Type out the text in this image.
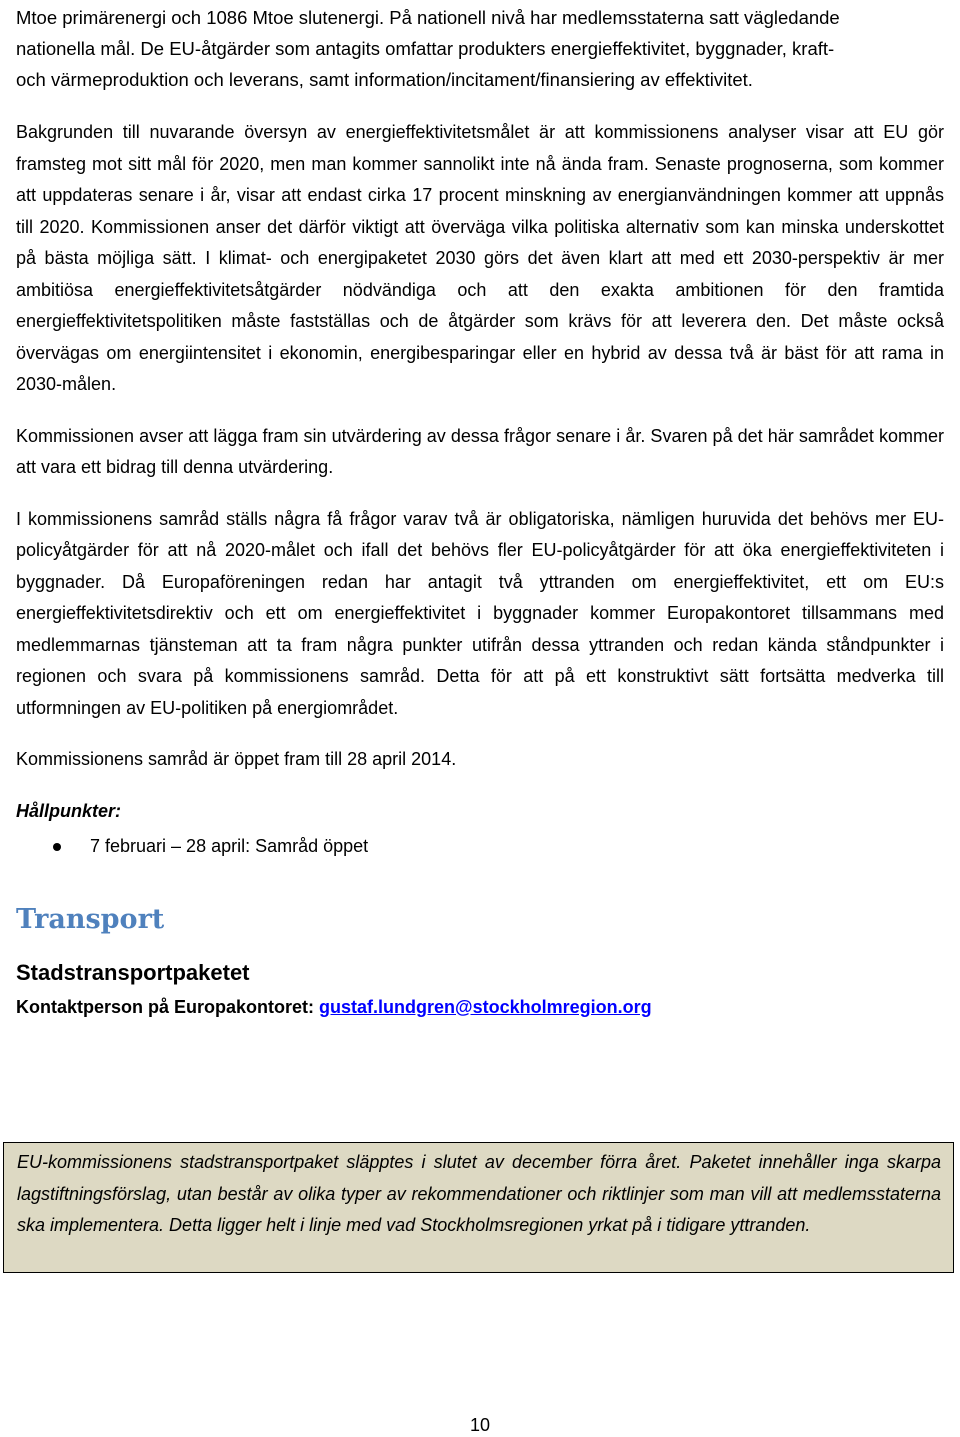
Mtoe primärenergi och 1086 Mtoe slutenergi. På nationell nivå har medlemsstaterna satt vägledande
nationella mål. De EU-åtgärder som antagits omfattar produkters energieffektivitet, byggnader, kraft-
och värmeproduktion och leverans, samt information/incitament/finansiering av effektivitet.

Bakgrunden till nuvarande översyn av energieffektivitetsmålet är att kommissionens analyser visar att EU gör framsteg mot sitt mål för 2020, men man kommer sannolikt inte nå ända fram. Senaste prognoserna, som kommer att uppdateras senare i år, visar att endast cirka 17 procent minskning av energianvändningen kommer att uppnås till 2020. Kommissionen anser det därför viktigt att överväga vilka politiska alternativ som kan minska underskottet på bästa möjliga sätt. I klimat- och energipaketet 2030 görs det även klart att med ett 2030-perspektiv är mer ambitiösa energieffektivitetsåtgärder nödvändiga och att den exakta ambitionen för den framtida energieffektivitetspolitiken måste fastställas och de åtgärder som krävs för att leverera den. Det måste också övervägas om energiintensitet i ekonomin, energibesparingar eller en hybrid av dessa två är bäst för att rama in 2030-målen.

Kommissionen avser att lägga fram sin utvärdering av dessa frågor senare i år. Svaren på det här samrådet kommer att vara ett bidrag till denna utvärdering.

I kommissionens samråd ställs några få frågor varav två är obligatoriska, nämligen huruvida det behövs mer EU-policyåtgärder för att nå 2020-målet och ifall det behövs fler EU-policyåtgärder för att öka energieffektiviteten i byggnader. Då Europaföreningen redan har antagit två yttranden om energieffektivitet, ett om EU:s energieffektivitetsdirektiv och ett om energieffektivitet i byggnader kommer Europakontoret tillsammans med medlemmarnas tjänsteman att ta fram några punkter utifrån dessa yttranden och redan kända ståndpunkter i regionen och svara på kommissionens samråd. Detta för att på ett konstruktivt sätt fortsätta medverka till utformningen av EU-politiken på energiområdet.

Kommissionens samråd är öppet fram till 28 april 2014.

Hållpunkter:

7 februari – 28 april: Samråd öppet
Transport
Stadstransportpaketet

Kontaktperson på Europakontoret: gustaf.lundgren@stockholmregion.org

EU-kommissionens stadstransportpaket släpptes i slutet av december förra året. Paketet innehåller inga skarpa lagstiftningsförslag, utan består av olika typer av rekommendationer och riktlinjer som man vill att medlemsstaterna ska implementera. Detta ligger helt i linje med vad Stockholmsregionen yrkat på i tidigare yttranden.

10
